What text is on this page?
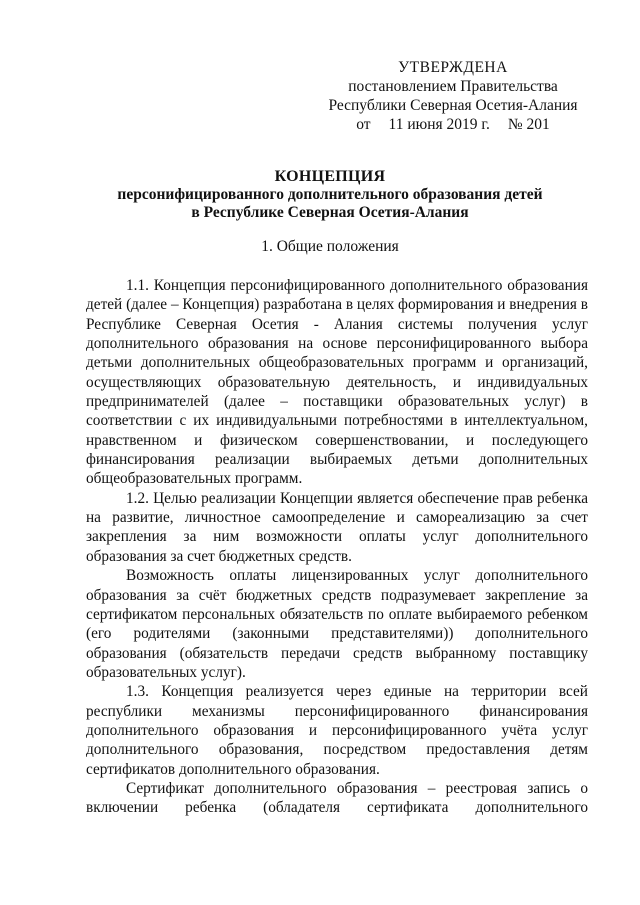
УТВЕРЖДЕНА
постановлением Правительства
Республики Северная Осетия-Алания
от 11 июня 2019 г. № 201
КОНЦЕПЦИЯ
персонифицированного дополнительного образования детей
в Республике Северная Осетия-Алания
1. Общие положения

1.1. Концепция персонифицированного дополнительного образования детей (далее – Концепция) разработана в целях формирования и внедрения в Республике Северная Осетия - Алания системы получения услуг дополнительного образования на основе персонифицированного выбора детьми дополнительных общеобразовательных программ и организаций, осуществляющих образовательную деятельность, и индивидуальных предпринимателей (далее – поставщики образовательных услуг) в соответствии с их индивидуальными потребностями в интеллектуальном, нравственном и физическом совершенствовании, и последующего финансирования реализации выбираемых детьми дополнительных общеобразовательных программ.

1.2. Целью реализации Концепции является обеспечение прав ребенка на развитие, личностное самоопределение и самореализацию за счет закрепления за ним возможности оплаты услуг дополнительного образования за счет бюджетных средств.

Возможность оплаты лицензированных услуг дополнительного образования за счёт бюджетных средств подразумевает закрепление за сертификатом персональных обязательств по оплате выбираемого ребенком (его родителями (законными представителями)) дополнительного образования (обязательств передачи средств выбранному поставщику образовательных услуг).

1.3. Концепция реализуется через единые на территории всей республики механизмы персонифицированного финансирования дополнительного образования и персонифицированного учёта услуг дополнительного образования, посредством предоставления детям сертификатов дополнительного образования.

Сертификат дополнительного образования – реестровая запись о включении ребенка (обладателя сертификата дополнительного
